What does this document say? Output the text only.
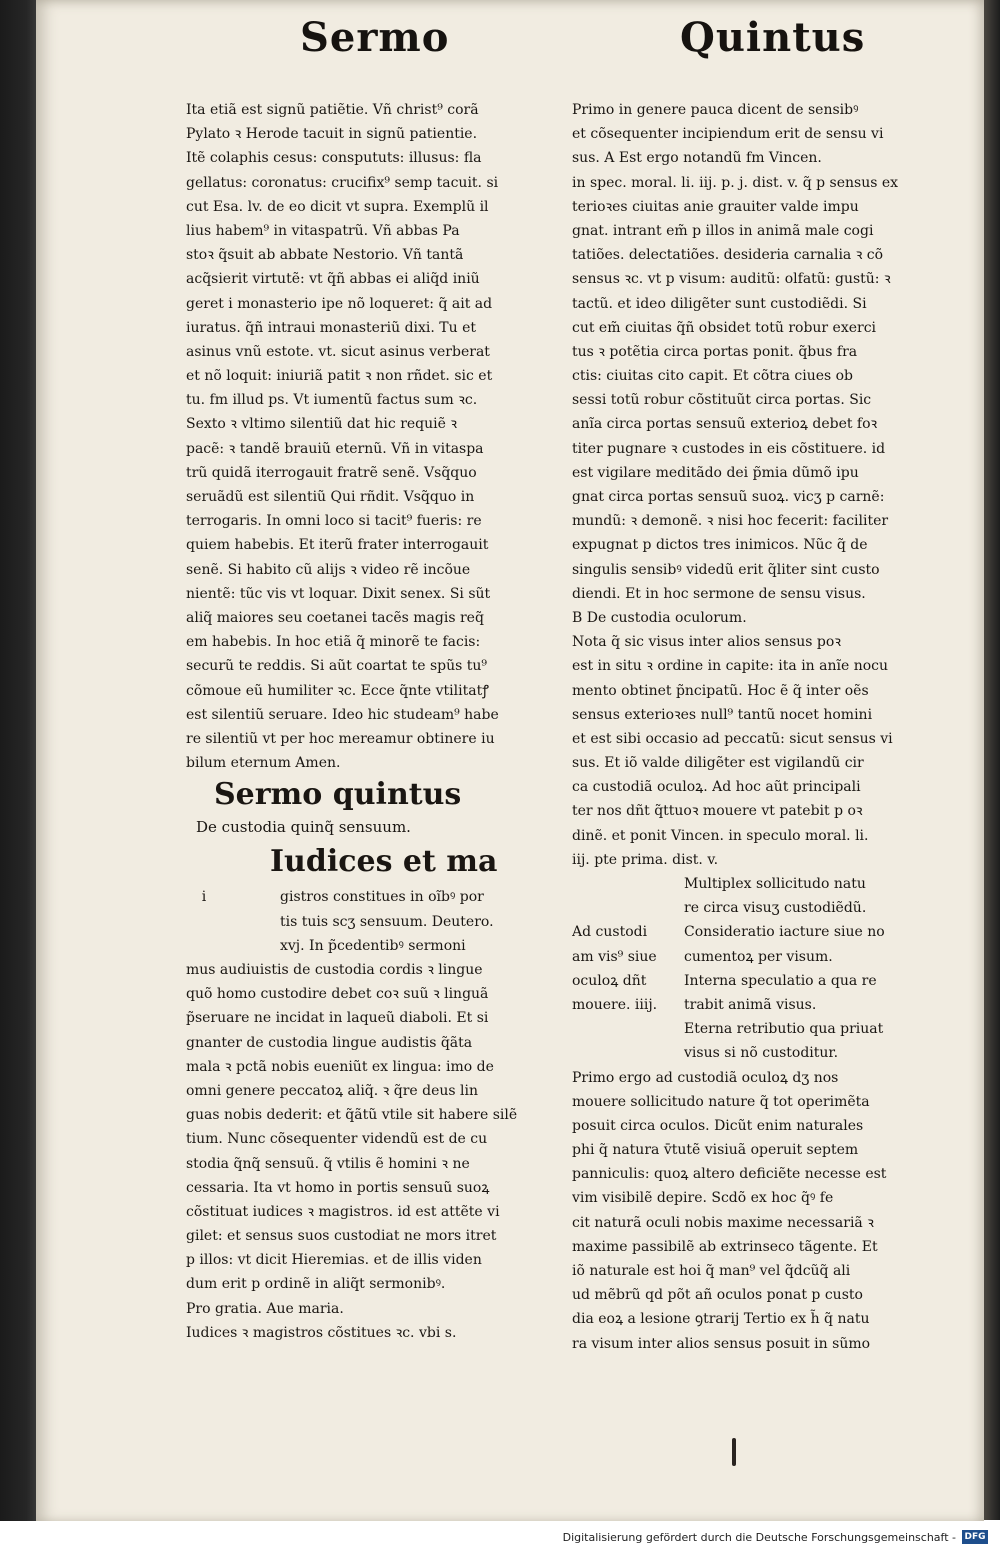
Sermo	Quintus
Ita etiã est signũ patiẽtie. Vñ christ⁹ corã
Pylato ꝛ Herode tacuit in signũ patientie.
Itẽ colaphis cesus: conspututs: illusus: fla
gellatus: coronatus: crucifix⁹ semp tacuit. si
cut Esa. lv. de eo dicit vt supra. Exemplũ il
lius habem⁹ in vitaspatrũ. Vñ abbas Pa
stoꝛ q̃suit ab abbate Nestorio. Vñ tantã
acq̃sierit virtutẽ: vt q̃ñ abbas ei aliq̃d iniũ
geret i monasterio ipe nõ loqueret: q̃ ait ad
iuratus. q̃ñ intraui monasteriũ dixi. Tu et
asinus vnũ estote. vt. sicut asinus verberat
et nõ loquit: iniuriã patit ꝛ non rñdet. sic et
tu. fm illud ps. Vt iumentũ factus sum ꝛc.
Sexto ꝛ vltimo silentiũ dat hic requiẽ ꝛ
pacẽ: ꝛ tandẽ brauiũ eternũ. Vñ in vitaspa
trũ quidã iterrogauit fratrẽ senẽ. Vsq̃quo
seruãdũ est silentiũ Qui rñdit. Vsq̃quo in
terrogaris. In omni loco si tacit⁹ fueris: re
quiem habebis. Et iterũ frater interrogauit
senẽ. Si habito cũ alijs ꝛ video rẽ incõue
nientẽ: tũc vis vt loquar. Dixit senex. Si sũt
aliq̃ maiores seu coetanei tacẽs magis req̃
em habebis. In hoc etiã q̃ minorẽ te facis:
securũ te reddis. Si aũt coartat te spũs tu⁹
cõmoue eũ humiliter ꝛc. Ecce q̃nte vtilitatꝭ
est silentiũ seruare. Ideo hic studeam⁹ habe
re silentiũ vt per hoc mereamur obtinere iu
bilum eternum Amen.
Sermo quintus
De custodia quinq̃ sensuum.
Iudices et ma
i	gistros constitues in oĩbꝰ por
tis tuis scʒ sensuum. Deutero.
xvj. In p̃cedentibꝰ sermoni
mus audiuistis de custodia cordis ꝛ lingue
quõ homo custodire debet coꝛ suũ ꝛ linguã
p̃seruare ne incidat in laqueũ diaboli. Et si
gnanter de custodia lingue audistis q̃ãta
mala ꝛ pctã nobis eueniũt ex lingua: imo de
omni genere peccatoꝝ aliq̃. ꝛ q̃re deus lin
guas nobis dederit: et q̃ãtũ vtile sit habere silẽ
tium. Nunc cõsequenter videndũ est de cu
stodia q̃nq̃ sensuũ. q̃ vtilis ẽ homini ꝛ ne
cessaria. Ita vt homo in portis sensuũ suoꝝ
cõstituat iudices ꝛ magistros. id est attẽte vi
gilet: et sensus suos custodiat ne mors itret
p illos: vt dicit Hieremias. et de illis viden
dum erit p ordinẽ in aliq̃t sermonibꝰ.
Pro gratia. Aue maria.
Iudices ꝛ magistros cõstitues ꝛc. vbi s.
Primo in genere pauca dicent de sensibꝰ
et cõsequenter incipiendum erit de sensu vi
sus. A Est ergo notandũ fm Vincen.
in spec. moral. li. iij. p. j. dist. v. q̃ p sensus ex
terioꝛes ciuitas anie grauiter valde impu
gnat. intrant em̃ p illos in animã male cogi
tatiões. delectatiões. desideria carnalia ꝛ cõ
sensus ꝛc. vt p visum: auditũ: olfatũ: gustũ: ꝛ
tactũ. et ideo diligẽter sunt custodiẽdi. Si
cut em̃ ciuitas q̃ñ obsidet totũ robur exerci
tus ꝛ potẽtia circa portas ponit. q̃bus fra
ctis: ciuitas cito capit. Et cõtra ciues ob
sessi totũ robur cõstituũt circa portas. Sic
anĩa circa portas sensuũ exterioꝝ debet foꝛ
titer pugnare ꝛ custodes in eis cõstituere. id
est vigilare meditãdo dei p̃mia dũmõ ipu
gnat circa portas sensuũ suoꝝ. vicʒ p carnẽ:
mundũ: ꝛ demonẽ. ꝛ nisi hoc fecerit: faciliter
expugnat p dictos tres inimicos. Nũc q̃ de
singulis sensibꝰ videdũ erit q̃liter sint custo
diendi. Et in hoc sermone de sensu visus.
B De custodia oculorum.
Nota q̃ sic visus inter alios sensus poꝛ
est in situ ꝛ ordine in capite: ita in anĩe nocu
mento obtinet p̃ncipatũ. Hoc ẽ q̃ inter oẽs
sensus exterioꝛes null⁹ tantũ nocet homini
et est sibi occasio ad peccatũ: sicut sensus vi
sus. Et iõ valde diligẽter est vigilandũ cir
ca custodiã oculoꝝ. Ad hoc aũt principali
ter nos dñt q̃ttuoꝛ mouere vt patebit p oꝛ
dinẽ. et ponit Vincen. in speculo moral. li.
iij. pte prima. dist. v.
Multiplex sollicitudo natu
re circa visuʒ custodiẽdũ.
Ad custodi	Consideratio iacture siue no
am vis⁹ siue	cumentoꝝ per visum.
oculoꝝ dñt	Interna speculatio a qua re
mouere. iiij.	trabit animã visus.
Eterna retributio qua priuat
visus si nõ custoditur.
Primo ergo ad custodiã oculoꝝ dʒ nos
mouere sollicitudo nature q̃ tot operimẽta
posuit circa oculos. Dicũt enim naturales
phi q̃ natura v̄tutẽ visiuã operuit septem
panniculis: quoꝝ altero deficiẽte necesse est
vim visibilẽ depire. Scdõ ex hoc q̃ꝰ fe
cit naturã oculi nobis maxime necessariã ꝛ
maxime passibilẽ ab extrinseco tãgente. Et
iõ naturale est hoi q̃ man⁹ vel q̃dcũq̃ ali
ud mẽbrũ qd põt añ oculos ponat p custo
dia eoꝝ a lesione ꝯtrarij Tertio ex h̃ q̃ natu
ra visum inter alios sensus posuit in sũmo
Digitalisierung gefördert durch die Deutsche Forschungsgemeinschaft - DFG
